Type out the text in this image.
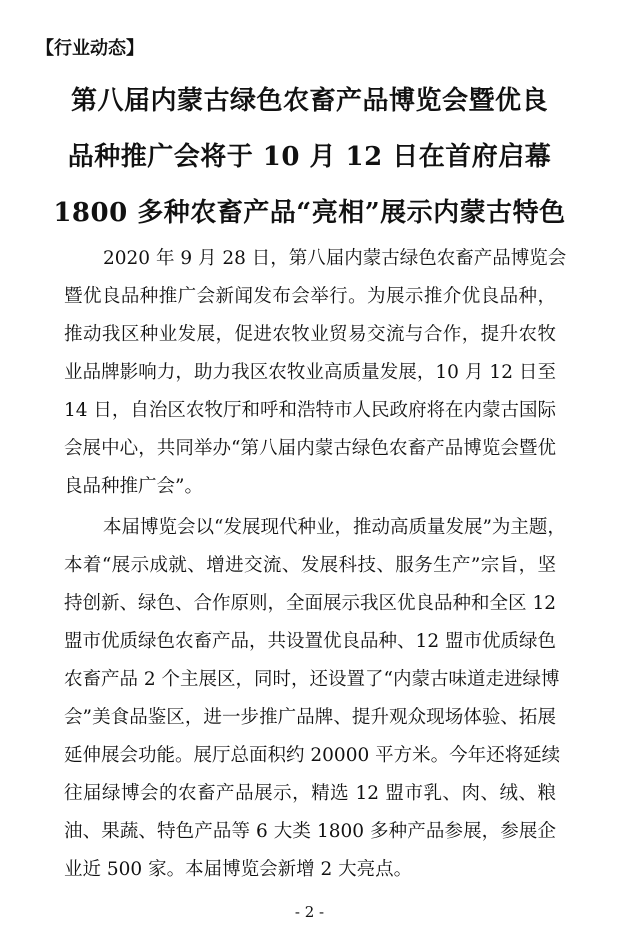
【行业动态】
第八届内蒙古绿色农畜产品博览会暨优良
品种推广会将于 10 月 12 日在首府启幕
1800 多种农畜产品“亮相”展示内蒙古特色
2020 年 9 月 28 日，第八届内蒙古绿色农畜产品博览会
暨优良品种推广会新闻发布会举行。为展示推介优良品种，
推动我区种业发展，促进农牧业贸易交流与合作，提升农牧
业品牌影响力，助力我区农牧业高质量发展，10 月 12 日至
14 日，自治区农牧厅和呼和浩特市人民政府将在内蒙古国际
会展中心，共同举办“第八届内蒙古绿色农畜产品博览会暨优
良品种推广会”。
本届博览会以“发展现代种业，推动高质量发展”为主题，
本着“展示成就、增进交流、发展科技、服务生产”宗旨，坚
持创新、绿色、合作原则，全面展示我区优良品种和全区 12
盟市优质绿色农畜产品，共设置优良品种、12 盟市优质绿色
农畜产品 2 个主展区，同时，还设置了“内蒙古味道走进绿博
会”美食品鉴区，进一步推广品牌、提升观众现场体验、拓展
延伸展会功能。展厅总面积约 20000 平方米。今年还将延续
往届绿博会的农畜产品展示，精选 12 盟市乳、肉、绒、粮
油、果蔬、特色产品等 6 大类 1800 多种产品参展，参展企
业近 500 家。本届博览会新增 2 大亮点。
- 2 -
